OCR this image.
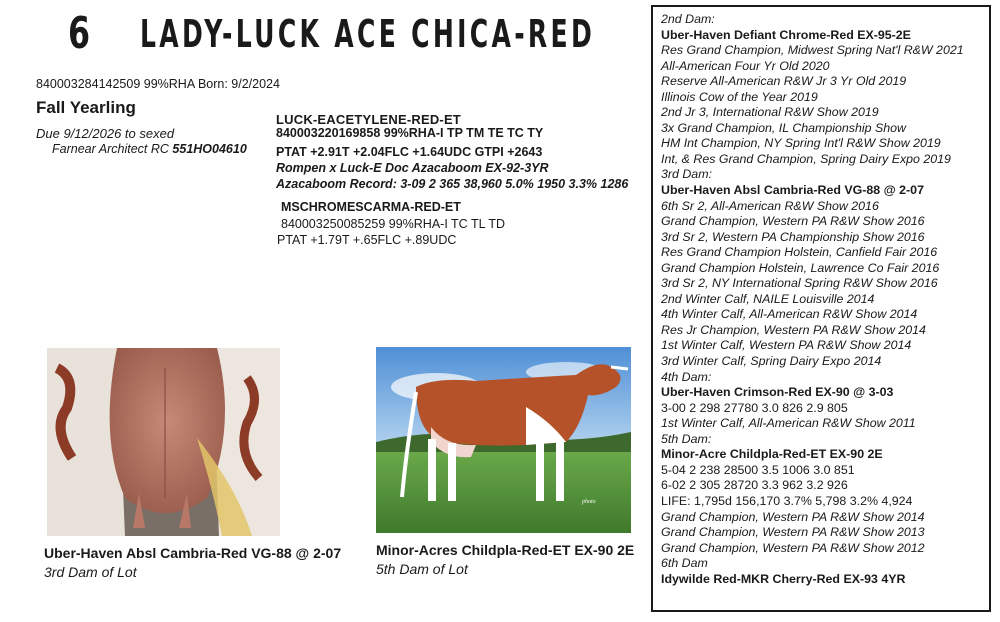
6 LADY-LUCK ACE CHICA-RED
840003284142509 99%RHA Born: 9/2/2024
Fall Yearling
Due 9/12/2026 to sexed
Farnear Architect RC 551HO04610
LUCK-EACETYLENE-RED-ET
840003220169858 99%RHA-I TP TM TE TC TY
PTAT +2.91T +2.04FLC +1.64UDC GTPI +2643
Rompen x Luck-E Doc Azacaboom EX-92-3YR
Azacaboom Record: 3-09 2 365 38,960 5.0% 1950 3.3% 1286
MSCHROMESCARMA-RED-ET
840003250085259 99%RHA-I TC TL TD
PTAT +1.79T +.65FLC +.89UDC
photo
Uber-Haven Absl Cambria-Red VG-88 @ 2-07
3rd Dam of Lot
Minor-Acres Childpla-Red-ET EX-90 2E
5th Dam of Lot
2nd Dam:
Uber-Haven Defiant Chrome-Red EX-95-2E
Res Grand Champion, Midwest Spring Nat'l R&W 2021
All-American Four Yr Old 2020
Reserve All-American R&W Jr 3 Yr Old 2019
Illinois Cow of the Year 2019
2nd Jr 3, International R&W Show 2019
3x Grand Champion, IL Championship Show
HM Int Champion, NY Spring Int'l R&W Show 2019
Int, & Res Grand Champion, Spring Dairy Expo 2019
3rd Dam:
Uber-Haven Absl Cambria-Red VG-88 @ 2-07
6th Sr 2, All-American R&W Show 2016
Grand Champion, Western PA R&W Show 2016
3rd Sr 2, Western PA Championship Show 2016
Res Grand Champion Holstein, Canfield Fair 2016
Grand Champion Holstein, Lawrence Co Fair 2016
3rd Sr 2, NY International Spring R&W Show 2016
2nd Winter Calf, NAILE Louisville 2014
4th Winter Calf, All-American R&W Show 2014
Res Jr Champion, Western PA R&W Show 2014
1st Winter Calf, Western PA R&W Show 2014
3rd Winter Calf, Spring Dairy Expo 2014
4th Dam:
Uber-Haven Crimson-Red EX-90 @ 3-03
3-00 2 298 27780 3.0 826 2.9 805
1st Winter Calf, All-American R&W Show 2011
5th Dam:
Minor-Acre Childpla-Red-ET EX-90 2E
5-04 2 238 28500 3.5 1006 3.0 851
6-02 2 305 28720 3.3 962 3.2 926
LIFE: 1,795d 156,170 3.7% 5,798 3.2% 4,924
Grand Champion, Western PA R&W Show 2014
Grand Champion, Western PA R&W Show 2013
Grand Champion, Western PA R&W Show 2012
6th Dam
Idywilde Red-MKR Cherry-Red EX-93 4YR
